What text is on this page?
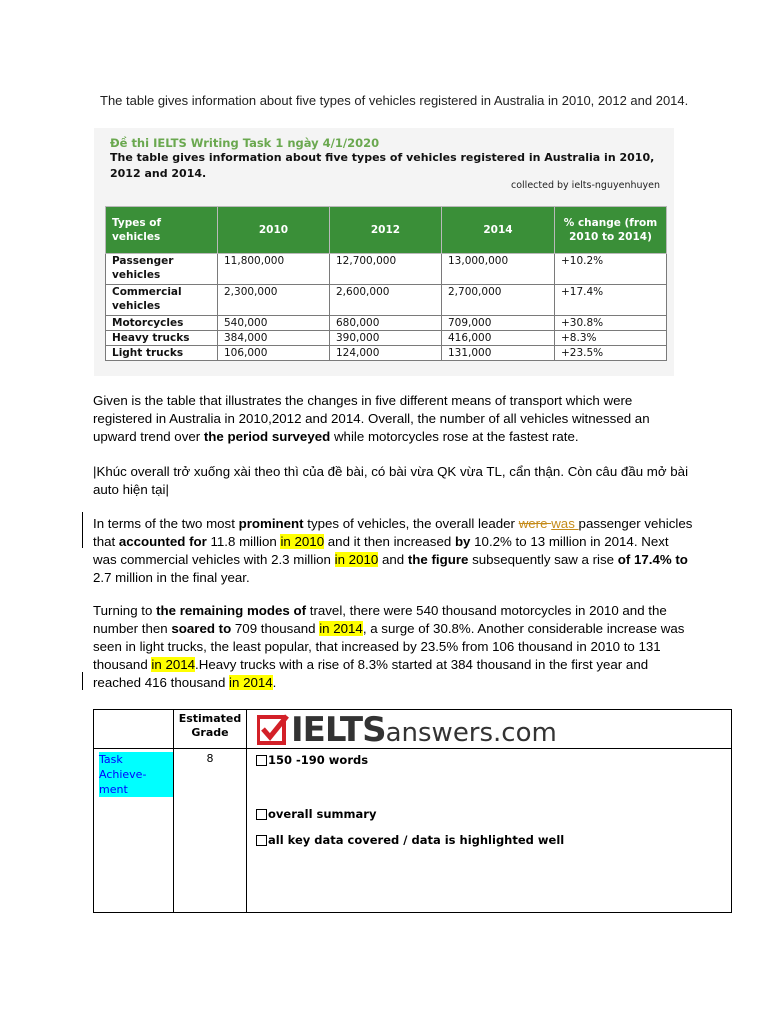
The table gives information about five types of vehicles registered in Australia in 2010, 2012 and 2014.
Đề thi IELTS Writing Task 1 ngày 4/1/2020
The table gives information about five types of vehicles registered in Australia in 2010, 2012 and 2014.
collected by ielts-nguyenhuyen
Types of vehicles	2010	2012	2014	% change (from 2010 to 2014)
Passenger vehicles	11,800,000	12,700,000	13,000,000	+10.2%
Commercial vehicles	2,300,000	2,600,000	2,700,000	+17.4%
Motorcycles	540,000	680,000	709,000	+30.8%
Heavy trucks	384,000	390,000	416,000	+8.3%
Light trucks	106,000	124,000	131,000	+23.5%

Given is the table that illustrates the changes in five different means of transport which were registered in Australia in 2010,2012 and 2014. Overall, the number of all vehicles witnessed an upward trend over the period surveyed while motorcycles rose at the fastest rate.

|Khúc overall trở xuống xài theo thì của đề bài, có bài vừa QK vừa TL, cẩn thận. Còn câu đầu mở bài auto hiện tại|

In terms of the two most prominent types of vehicles, the overall leader were was passenger vehicles that accounted for 11.8 million in 2010 and it then increased by 10.2% to 13 million in 2014. Next was commercial vehicles with 2.3 million in 2010 and the figure subsequently saw a rise of 17.4% to 2.7 million in the final year.

Turning to the remaining modes of travel, there were 540 thousand motorcycles in 2010 and the number then soared to 709 thousand in 2014, a surge of 30.8%. Another considerable increase was seen in light trucks, the least popular, that increased by 23.5% from 106 thousand in 2010 to 131 thousand in 2014.Heavy trucks with a rise of 8.3% started at 384 thousand in the first year and reached 416 thousand in 2014.

	Estimated Grade	IELTS answers.com

Task Achieve-ment	8	150 -190 words
overall summary
all key data covered / data is highlighted well
